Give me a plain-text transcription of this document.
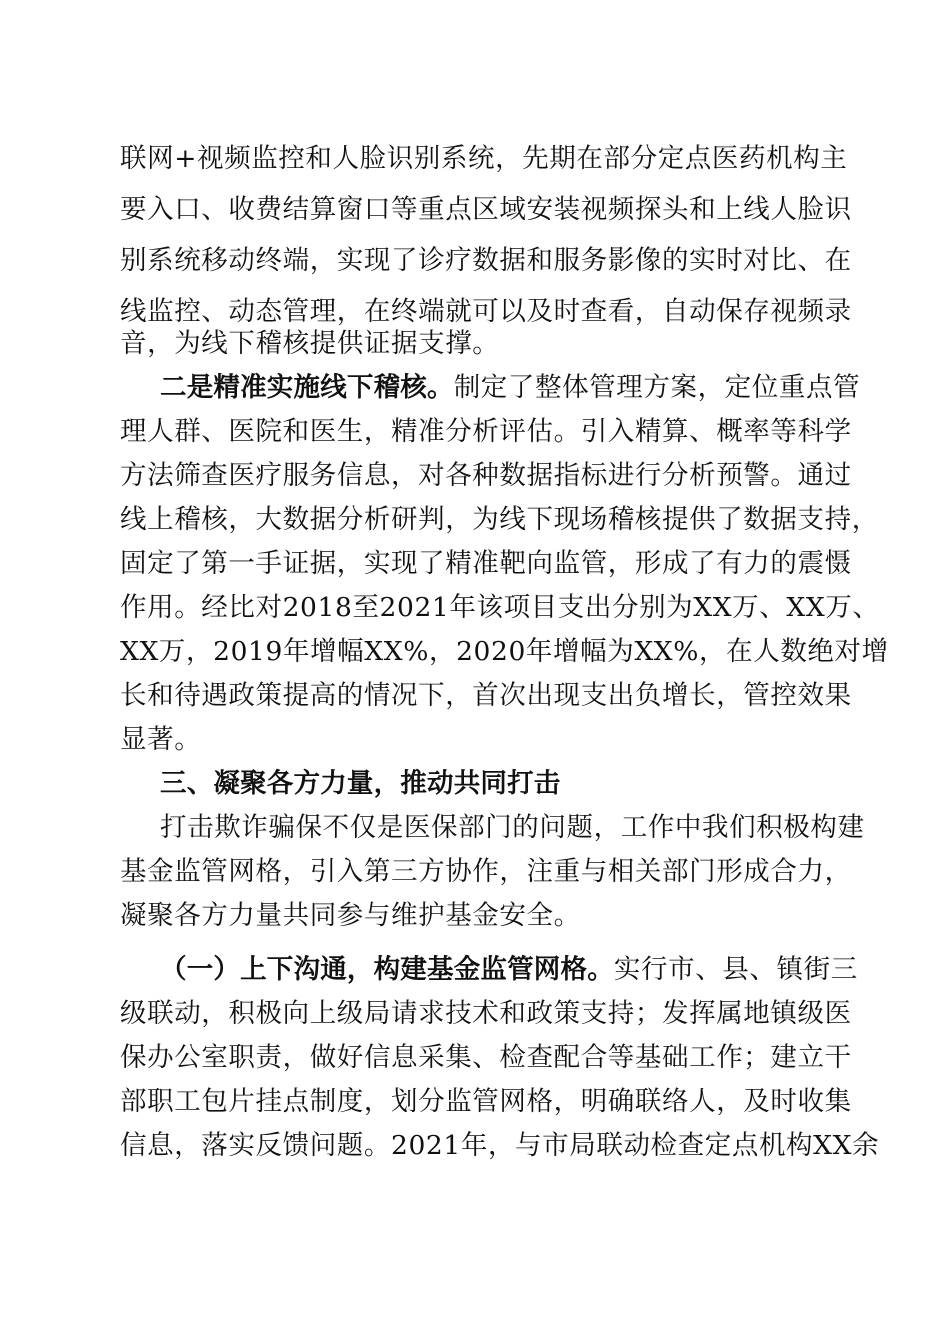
联网+视频监控和人脸识别系统，先期在部分定点医药机构主
要入口、收费结算窗口等重点区域安装视频探头和上线人脸识
别系统移动终端，实现了诊疗数据和服务影像的实时对比、在
线监控、动态管理，在终端就可以及时查看，自动保存视频录
音，为线下稽核提供证据支撑。
二是精准实施线下稽核。制定了整体管理方案，定位重点管
理人群、医院和医生，精准分析评估。引入精算、概率等科学
方法筛查医疗服务信息，对各种数据指标进行分析预警。通过
线上稽核，大数据分析研判，为线下现场稽核提供了数据支持，
固定了第一手证据，实现了精准靶向监管，形成了有力的震慑
作用。经比对2018至2021年该项目支出分别为XX万、XX万、
XX万，2019年增幅XX%，2020年增幅为XX%，在人数绝对增
长和待遇政策提高的情况下，首次出现支出负增长，管控效果
显著。
三、凝聚各方力量，推动共同打击
打击欺诈骗保不仅是医保部门的问题，工作中我们积极构建
基金监管网格，引入第三方协作，注重与相关部门形成合力，
凝聚各方力量共同参与维护基金安全。
（一）上下沟通，构建基金监管网格。实行市、县、镇街三
级联动，积极向上级局请求技术和政策支持；发挥属地镇级医
保办公室职责，做好信息采集、检查配合等基础工作；建立干
部职工包片挂点制度，划分监管网格，明确联络人，及时收集
信息，落实反馈问题。2021年，与市局联动检查定点机构XX余
